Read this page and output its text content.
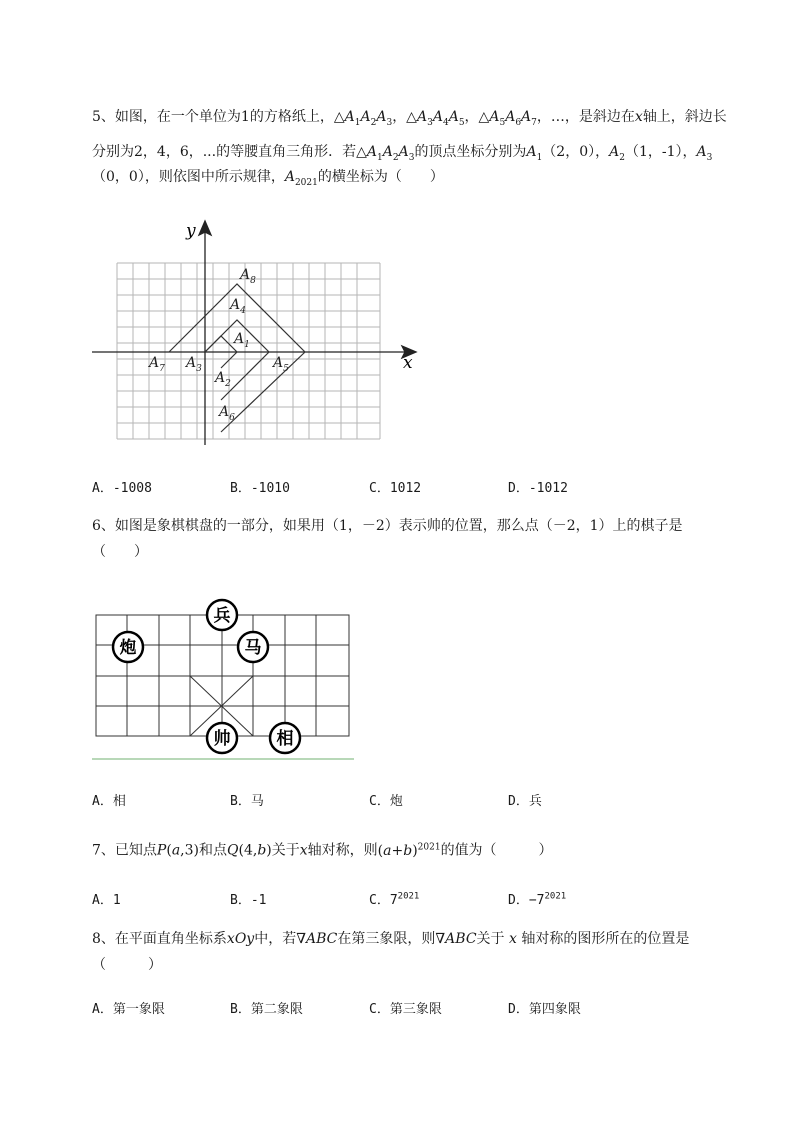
5、如图，在一个单位为1的方格纸上，$\triangle A_1A_2A_3$，$\triangle A_3A_4A_5$，$\triangle A_5A_6A_7$，…，是斜边在x轴上，斜边长
分别为2，4，6，...的等腰直角三角形．若$\triangle A_1A_2A_3$的顶点坐标分别为$A_1(2$，0），$A_2(1$，-1），$A_3$
（0，0），则依图中所示规律，$A_{2021}$的横坐标为（　　）
x
y
$A_1$
$A_2$
$A_3$
$A_4$
$A_5$
$A_6$
$A_7$
$A_8$
A．-1008	B．-1010	C．1012	D．-1012
6、如图是象棋棋盘的一部分，如果用（1，－2）表示帅的位置，那么点（－2，1）上的棋子是
（　　）
兵
炮	马
帅	相
A．相	B．马	C．炮	D．兵
7、已知点P(a,3)和点Q(4,b)关于x轴对称，则$(a+b)^{2021}$的值为（　　　）
A．1	B．-1	C．$7^{2021}$	D．$-7^{2021}$
8、在平面直角坐标系xOy中，若∇ABC在第三象限，则∇ABC关于 x 轴对称的图形所在的位置是
（　　　）
A．第一象限	B．第二象限	C．第三象限	D．第四象限
